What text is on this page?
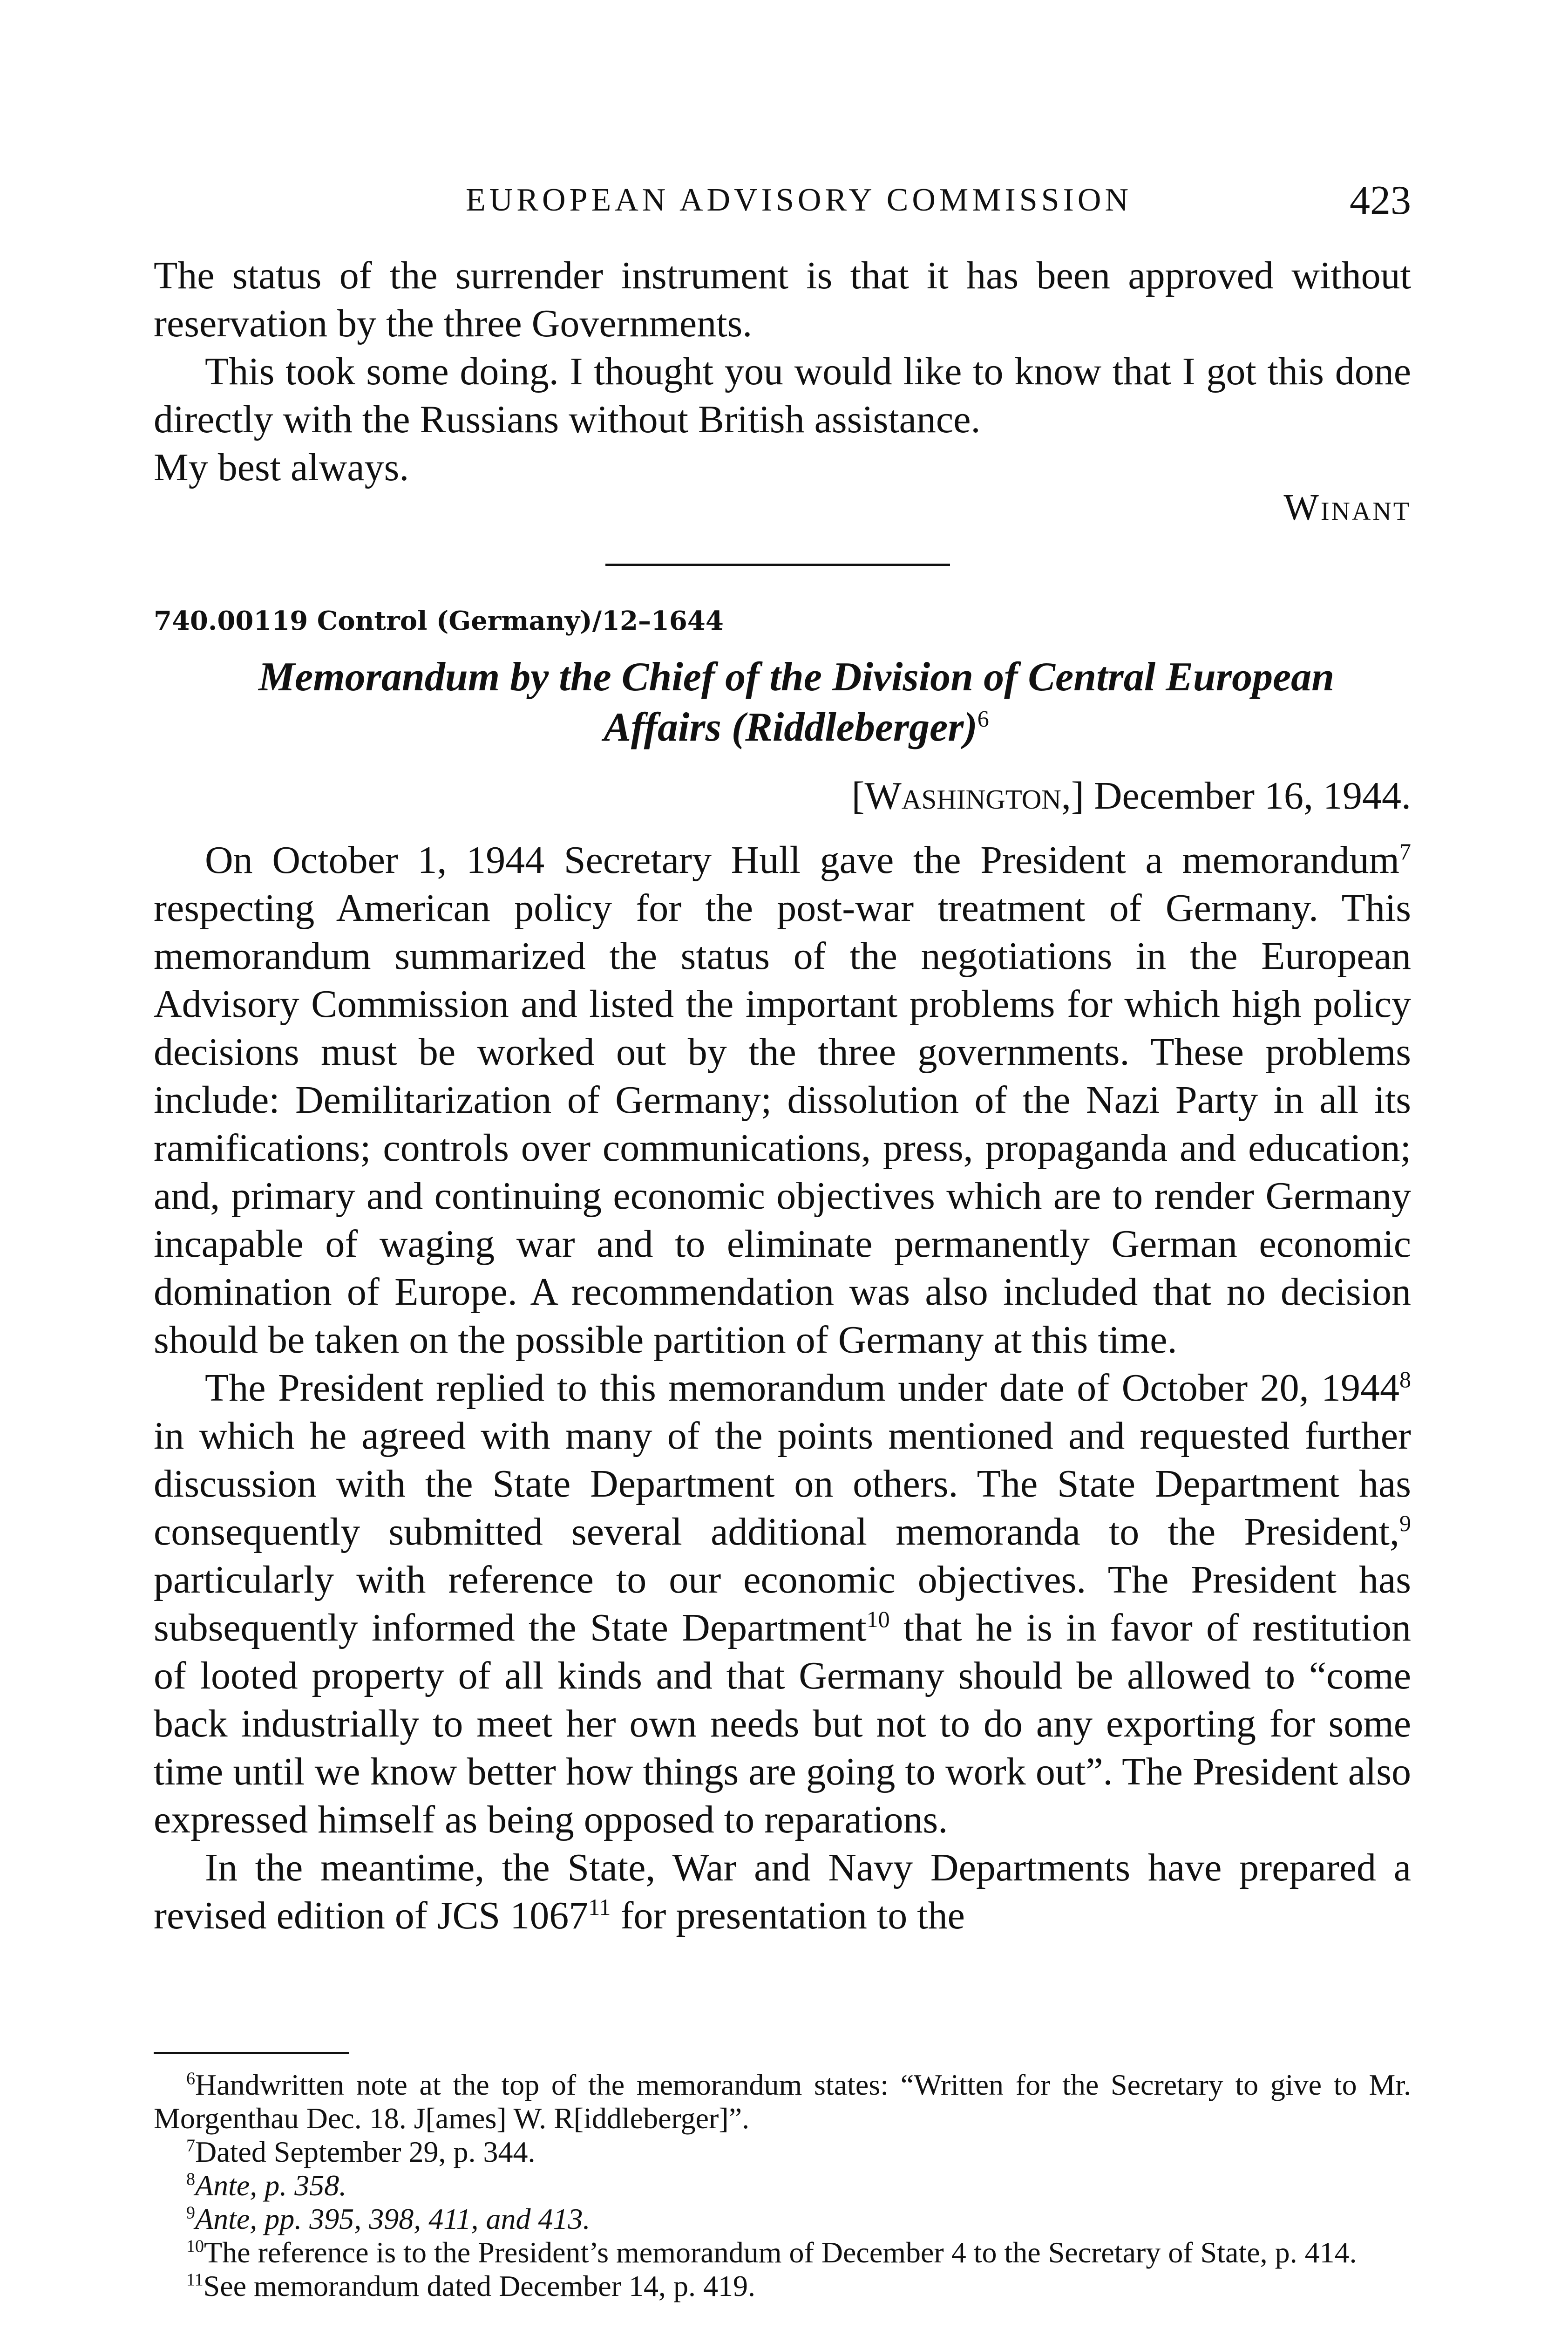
EUROPEAN ADVISORY COMMISSION	423

The status of the surrender instrument is that it has been approved without reservation by the three Governments.

This took some doing. I thought you would like to know that I got this done directly with the Russians without British assistance.

My best always.

Winant
740.00119 Control (Germany)/12–1644
Memorandum by the Chief of the Division of Central European Affairs (Riddleberger)$^6$
[Washington,] December 16, 1944.

On October 1, 1944 Secretary Hull gave the President a memorandum$^7$ respecting American policy for the post-war treatment of Germany. This memorandum summarized the status of the negotiations in the European Advisory Commission and listed the important problems for which high policy decisions must be worked out by the three governments. These problems include: Demilitarization of Germany; dissolution of the Nazi Party in all its ramifications; controls over communications, press, propaganda and education; and, primary and continuing economic objectives which are to render Germany incapable of waging war and to eliminate permanently German economic domination of Europe. A recommendation was also included that no decision should be taken on the possible partition of Germany at this time.

The President replied to this memorandum under date of October 20, 1944$^8$ in which he agreed with many of the points mentioned and requested further discussion with the State Department on others. The State Department has consequently submitted several additional memoranda to the President,$^9$ particularly with reference to our economic objectives. The President has subsequently informed the State Department$^{10}$ that he is in favor of restitution of looted property of all kinds and that Germany should be allowed to “come back industrially to meet her own needs but not to do any exporting for some time until we know better how things are going to work out”. The President also expressed himself as being opposed to reparations.

In the meantime, the State, War and Navy Departments have prepared a revised edition of JCS 1067$^{11}$ for presentation to the

$^6$Handwritten note at the top of the memorandum states: “Written for the Secretary to give to Mr. Morgenthau Dec. 18. J[ames] W. R[iddleberger]”.

$^7$Dated September 29, p. 344.

$^8$Ante, p. 358.

$^9$Ante, pp. 395, 398, 411, and 413.

$^{10}$The reference is to the President’s memorandum of December 4 to the Secretary of State, p. 414.

$^{11}$See memorandum dated December 14, p. 419.
